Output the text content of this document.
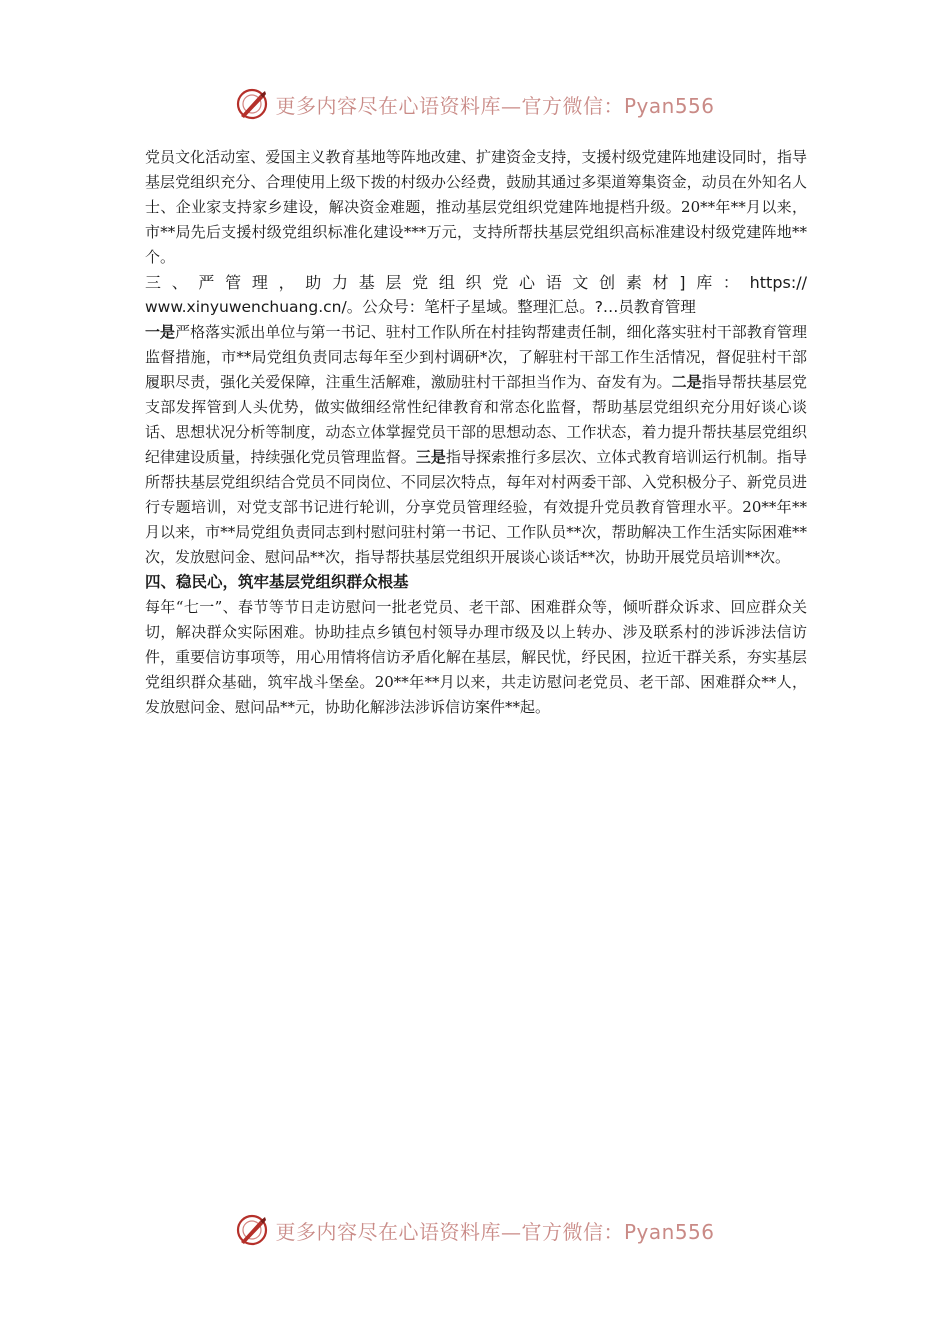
更多内容尽在心语资料库—官方微信：Pyan556

党员文化活动室、爱国主义教育基地等阵地改建、扩建资金支持，支援村级党建阵地建设同时，指导基层党组织充分、合理使用上级下拨的村级办公经费，鼓励其通过多渠道筹集资金，动员在外知名人士、企业家支持家乡建设，解决资金难题，推动基层党组织党建阵地提档升级。20**年**月以来，市**局先后支援村级党组织标准化建设***万元，支持所帮扶基层党组织高标准建设村级党建阵地**个。

三、严管理，助力基层党组织党心语文创素材]库：https://

www.xinyuwenchuang.cn/。公众号：笔杆子星域。整理汇总。?…员教育管理

一是严格落实派出单位与第一书记、驻村工作队所在村挂钩帮建责任制，细化落实驻村干部教育管理监督措施，市**局党组负责同志每年至少到村调研*次，了解驻村干部工作生活情况，督促驻村干部履职尽责，强化关爱保障，注重生活解难，激励驻村干部担当作为、奋发有为。二是指导帮扶基层党支部发挥管到人头优势，做实做细经常性纪律教育和常态化监督，帮助基层党组织充分用好谈心谈话、思想状况分析等制度，动态立体掌握党员干部的思想动态、工作状态，着力提升帮扶基层党组织纪律建设质量，持续强化党员管理监督。三是指导探索推行多层次、立体式教育培训运行机制。指导所帮扶基层党组织结合党员不同岗位、不同层次特点，每年对村两委干部、入党积极分子、新党员进行专题培训，对党支部书记进行轮训，分享党员管理经验，有效提升党员教育管理水平。20**年**月以来，市**局党组负责同志到村慰问驻村第一书记、工作队员**次，帮助解决工作生活实际困难**次，发放慰问金、慰问品**次，指导帮扶基层党组织开展谈心谈话**次，协助开展党员培训**次。

四、稳民心，筑牢基层党组织群众根基

每年“七一”、春节等节日走访慰问一批老党员、老干部、困难群众等，倾听群众诉求、回应群众关切，解决群众实际困难。协助挂点乡镇包村领导办理市级及以上转办、涉及联系村的涉诉涉法信访件，重要信访事项等，用心用情将信访矛盾化解在基层，解民忧，纾民困，拉近干群关系，夯实基层党组织群众基础，筑牢战斗堡垒。20**年**月以来，共走访慰问老党员、老干部、困难群众**人，发放慰问金、慰问品**元，协助化解涉法涉诉信访案件**起。

更多内容尽在心语资料库—官方微信：Pyan556
